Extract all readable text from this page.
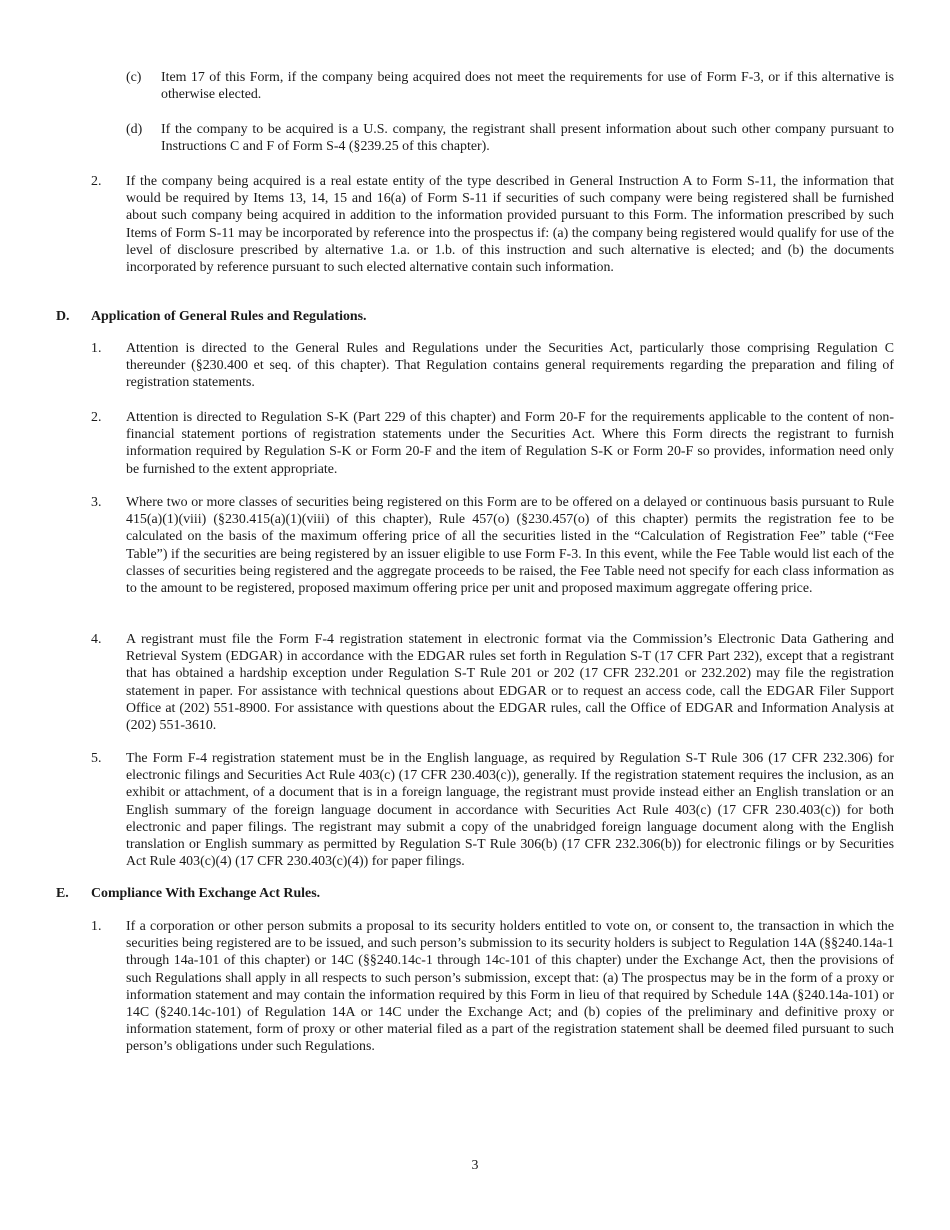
(c) Item 17 of this Form, if the company being acquired does not meet the requirements for use of Form F-3, or if this alternative is otherwise elected.

(d) If the company to be acquired is a U.S. company, the registrant shall present information about such other company pursuant to Instructions C and F of Form S-4 (§239.25 of this chapter).

2. If the company being acquired is a real estate entity of the type described in General Instruction A to Form S-11, the information that would be required by Items 13, 14, 15 and 16(a) of Form S-11 if securities of such company were being registered shall be furnished about such company being acquired in addition to the information provided pursuant to this Form. The information prescribed by such Items of Form S-11 may be incorporated by reference into the prospectus if: (a) the company being registered would qualify for use of the level of disclosure prescribed by alternative 1.a. or 1.b. of this instruction and such alternative is elected; and (b) the documents incorporated by reference pursuant to such elected alternative contain such information.

D. Application of General Rules and Regulations.

1. Attention is directed to the General Rules and Regulations under the Securities Act, particularly those comprising Regulation C thereunder (§230.400 et seq. of this chapter). That Regulation contains general requirements regarding the preparation and filing of registration statements.

2. Attention is directed to Regulation S-K (Part 229 of this chapter) and Form 20-F for the requirements applicable to the content of non-financial statement portions of registration statements under the Securities Act. Where this Form directs the registrant to furnish information required by Regulation S-K or Form 20-F and the item of Regulation S-K or Form 20-F so provides, information need only be furnished to the extent appropriate.

3. Where two or more classes of securities being registered on this Form are to be offered on a delayed or continuous basis pursuant to Rule 415(a)(1)(viii) (§230.415(a)(1)(viii) of this chapter), Rule 457(o) (§230.457(o) of this chapter) permits the registration fee to be calculated on the basis of the maximum offering price of all the securities listed in the “Calculation of Registration Fee” table (“Fee Table”) if the securities are being registered by an issuer eligible to use Form F-3. In this event, while the Fee Table would list each of the classes of securities being registered and the aggregate proceeds to be raised, the Fee Table need not specify for each class information as to the amount to be registered, proposed maximum offering price per unit and proposed maximum aggregate offering price.

4. A registrant must file the Form F-4 registration statement in electronic format via the Commission’s Electronic Data Gathering and Retrieval System (EDGAR) in accordance with the EDGAR rules set forth in Regulation S-T (17 CFR Part 232), except that a registrant that has obtained a hardship exception under Regulation S-T Rule 201 or 202 (17 CFR 232.201 or 232.202) may file the registration statement in paper. For assistance with technical questions about EDGAR or to request an access code, call the EDGAR Filer Support Office at (202) 551-8900. For assistance with questions about the EDGAR rules, call the Office of EDGAR and Information Analysis at (202) 551-3610.

5. The Form F-4 registration statement must be in the English language, as required by Regulation S-T Rule 306 (17 CFR 232.306) for electronic filings and Securities Act Rule 403(c) (17 CFR 230.403(c)), generally. If the registration statement requires the inclusion, as an exhibit or attachment, of a document that is in a foreign language, the registrant must provide instead either an English translation or an English summary of the foreign language document in accordance with Securities Act Rule 403(c) (17 CFR 230.403(c)) for both electronic and paper filings. The registrant may submit a copy of the unabridged foreign language document along with the English translation or English summary as permitted by Regulation S-T Rule 306(b) (17 CFR 232.306(b)) for electronic filings or by Securities Act Rule 403(c)(4) (17 CFR 230.403(c)(4)) for paper filings.

E. Compliance With Exchange Act Rules.

1. If a corporation or other person submits a proposal to its security holders entitled to vote on, or consent to, the transaction in which the securities being registered are to be issued, and such person’s submission to its security holders is subject to Regulation 14A (§§240.14a-1 through 14a-101 of this chapter) or 14C (§§240.14c-1 through 14c-101 of this chapter) under the Exchange Act, then the provisions of such Regulations shall apply in all respects to such person’s submission, except that: (a) The prospectus may be in the form of a proxy or information statement and may contain the information required by this Form in lieu of that required by Schedule 14A (§240.14a-101) or 14C (§240.14c-101) of Regulation 14A or 14C under the Exchange Act; and (b) copies of the preliminary and definitive proxy or information statement, form of proxy or other material filed as a part of the registration statement shall be deemed filed pursuant to such person’s obligations under such Regulations.

3
